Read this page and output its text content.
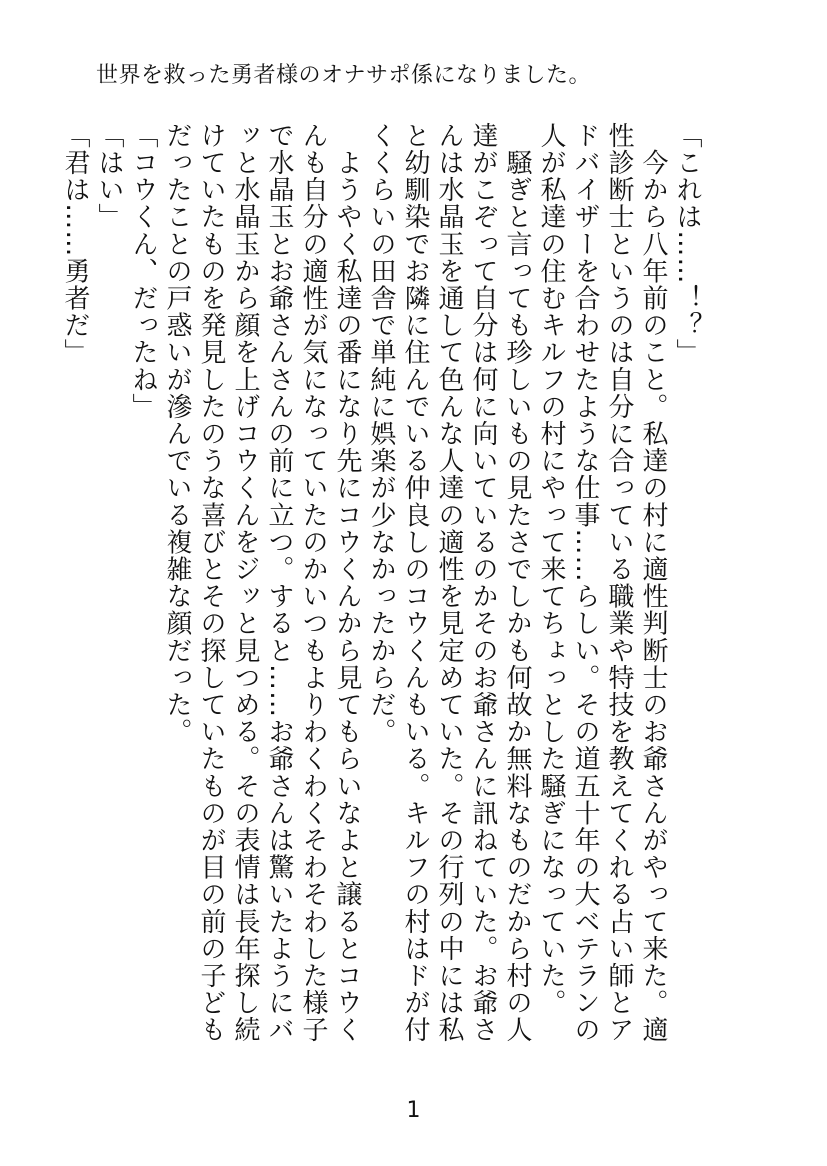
世界を救った勇者様のオナサポ係になりました。

「これは……！？」

　今から八年前のこと。私達の村に適性判断士のお爺さんがやって来た。適性診断士というのは自分に合っている職業や特技を教えてくれる占い師とアドバイザーを合わせたような仕事……らしい。その道五十年の大ベテランの人が私達の住むキルフの村にやって来てちょっとした騒ぎになっていた。

　騒ぎと言っても珍しいもの見たさでしかも何故か無料なものだから村の人達がこぞって自分は何に向いているのかそのお爺さんに訊ねていた。お爺さんは水晶玉を通して色んな人達の適性を見定めていた。その行列の中には私と幼馴染でお隣に住んでいる仲良しのコウくんもいる。キルフの村はドが付くくらいの田舎で単純に娯楽が少なかったからだ。

　ようやく私達の番になり先にコウくんから見てもらいなよと譲るとコウくんも自分の適性が気になっていたのかいつもよりわくわくそわそわした様子で水晶玉とお爺さんさんの前に立つ。すると……お爺さんは驚いたようにバッと水晶玉から顔を上げコウくんをジッと見つめる。その表情は長年探し続けていたものを発見したのうな喜びとその探していたものが目の前の子どもだったことの戸惑いが滲んでいる複雑な顔だった。

「コウくん、だったね」

「はい」

「君は……勇者だ」

1
